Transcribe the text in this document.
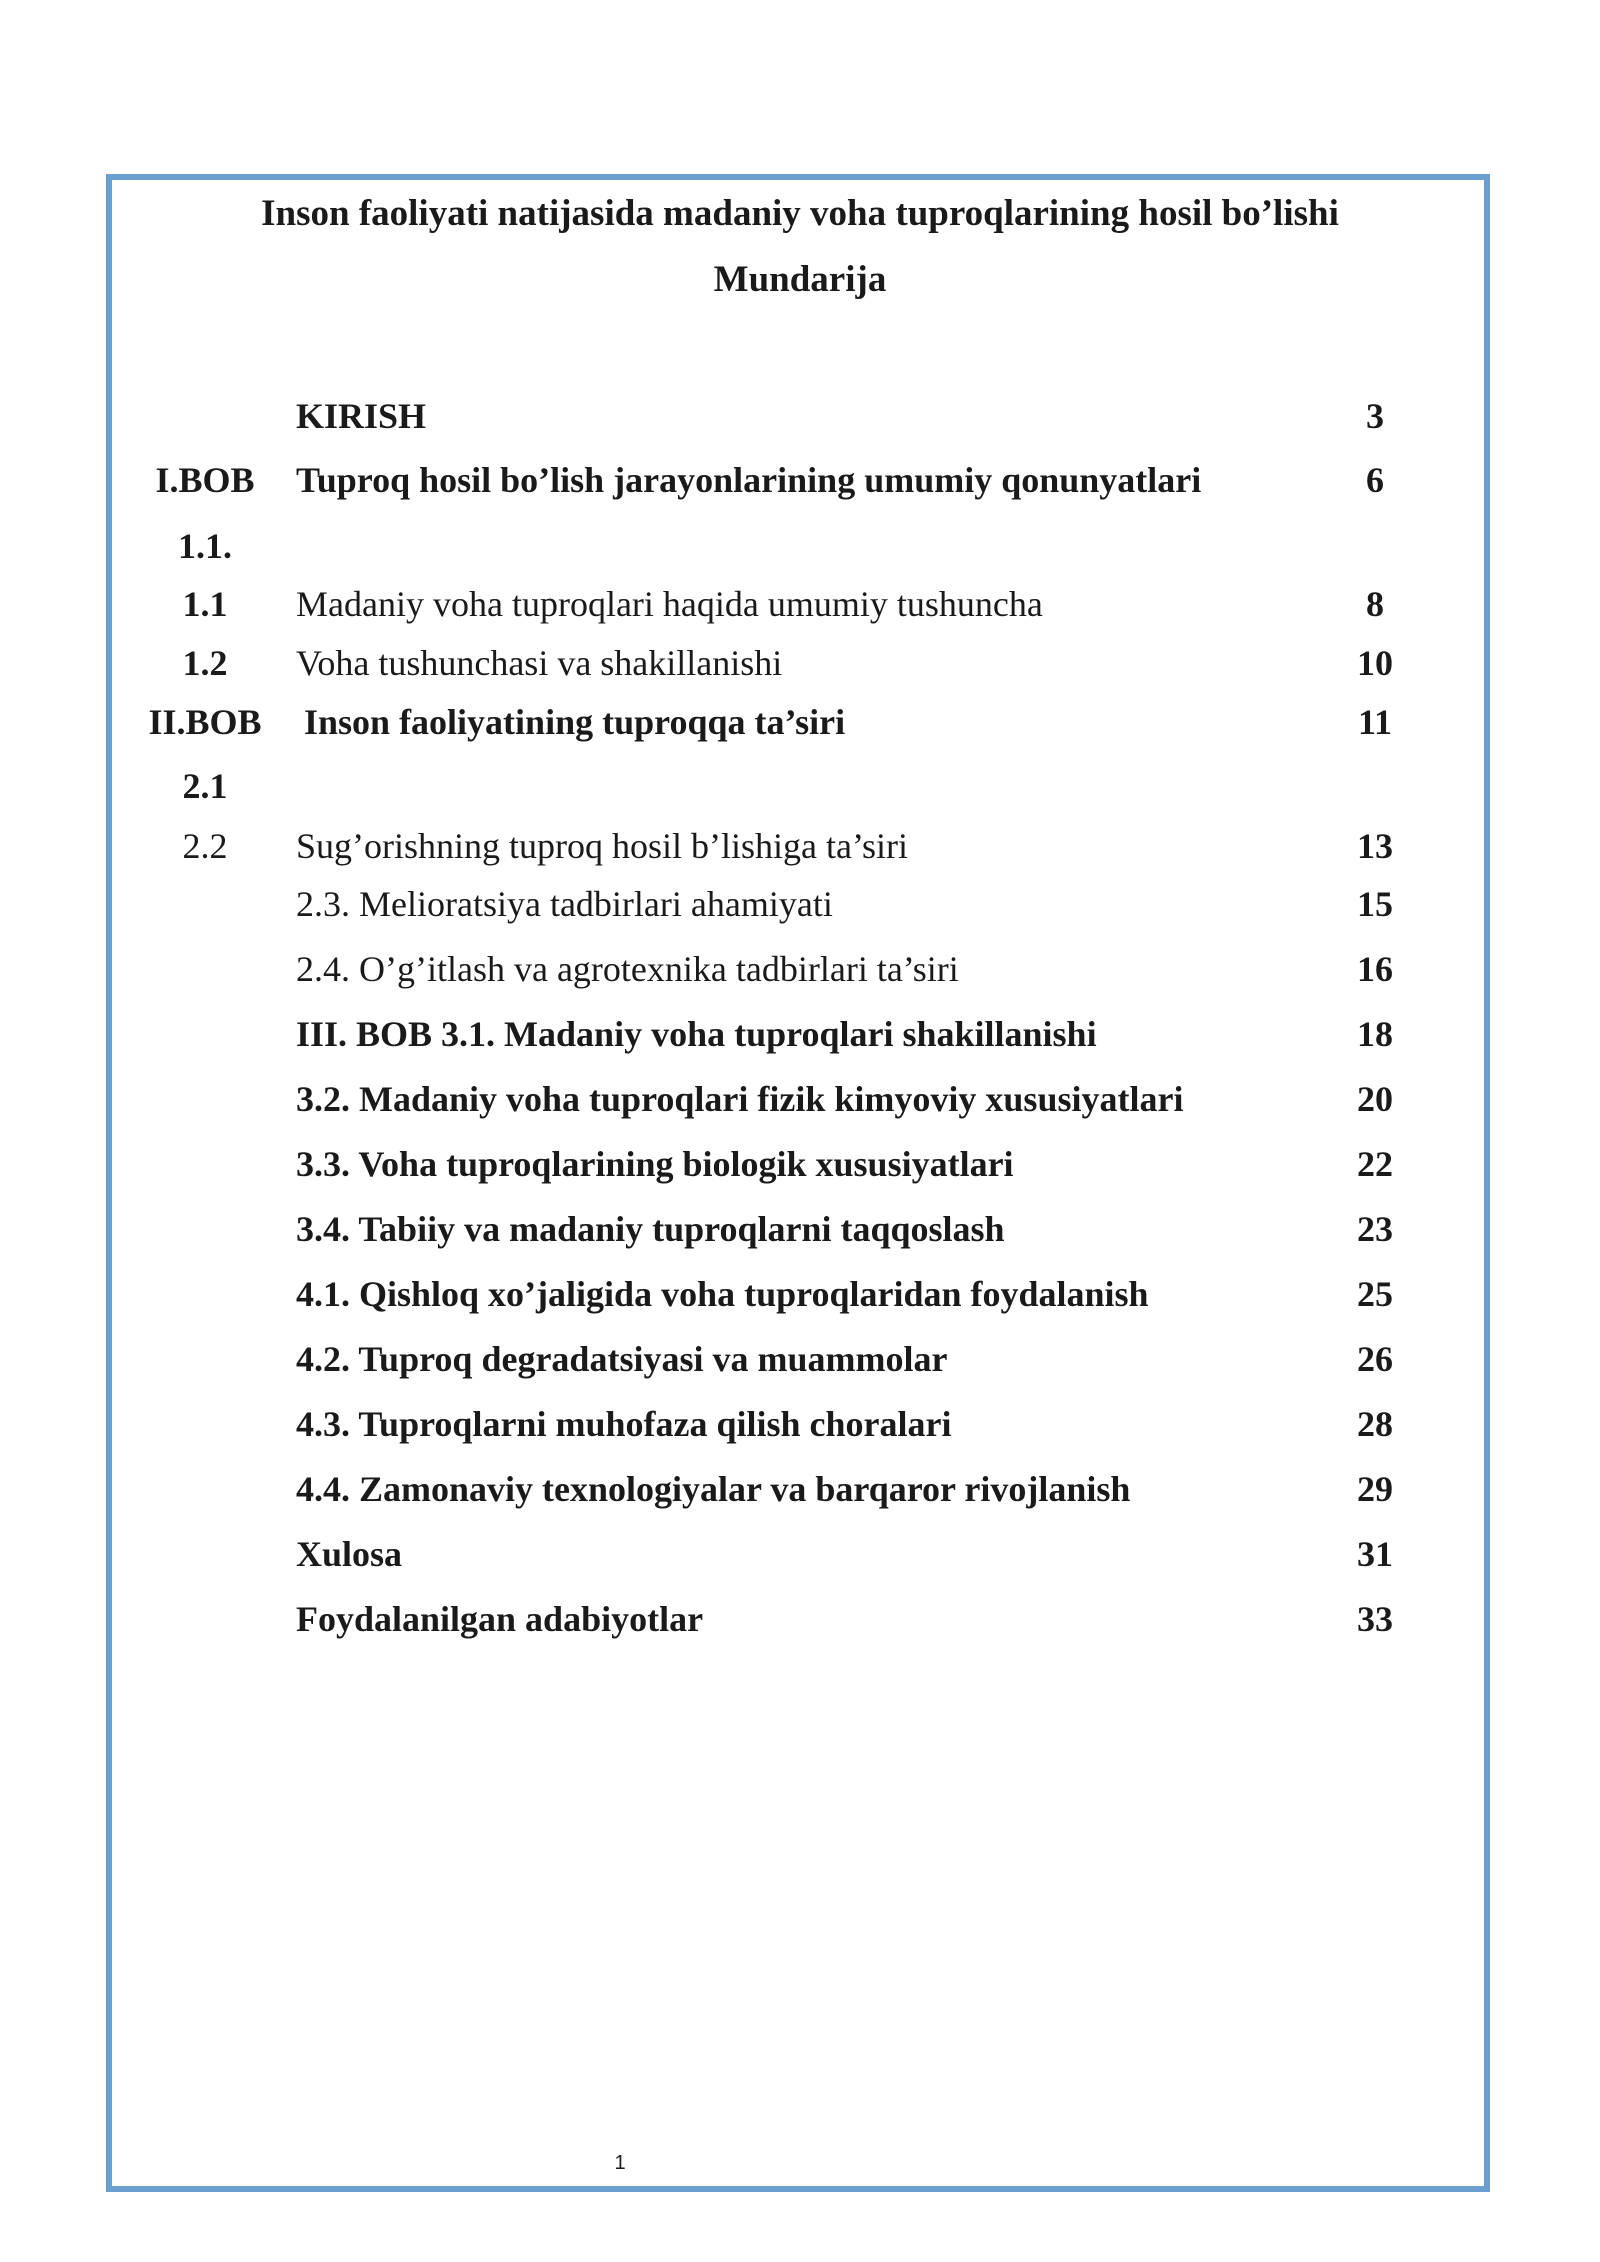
Inson faoliyati natijasida madaniy voha tuproqlarining hosil bo’lishi
Mundarija
KIRISH	3
I.BOB	Tuproq hosil bo’lish jarayonlarining umumiy qonunyatlari	6
1.1.
1.1	Madaniy voha tuproqlari haqida umumiy tushuncha	8
1.2	Voha tushunchasi va shakillanishi	10
II.BOB Inson faoliyatining tuproqqa ta’siri	11
2.1
2.2	Sug’orishning tuproq hosil b’lishiga ta’siri	13
2.3. Melioratsiya tadbirlari ahamiyati	15
2.4. O’g’itlash va agrotexnika tadbirlari ta’siri	16
III. BOB 3.1. Madaniy voha tuproqlari shakillanishi	18
3.2. Madaniy voha tuproqlari fizik kimyoviy xususiyatlari	20
3.3. Voha tuproqlarining biologik xususiyatlari	22
3.4. Tabiiy va madaniy tuproqlarni taqqoslash	23
4.1. Qishloq xo’jaligida voha tuproqlaridan foydalanish	25
4.2. Tuproq degradatsiyasi va muammolar	26
4.3. Tuproqlarni muhofaza qilish choralari	28
4.4. Zamonaviy texnologiyalar va barqaror rivojlanish	29
Xulosa	31
Foydalanilgan adabiyotlar	33
1
